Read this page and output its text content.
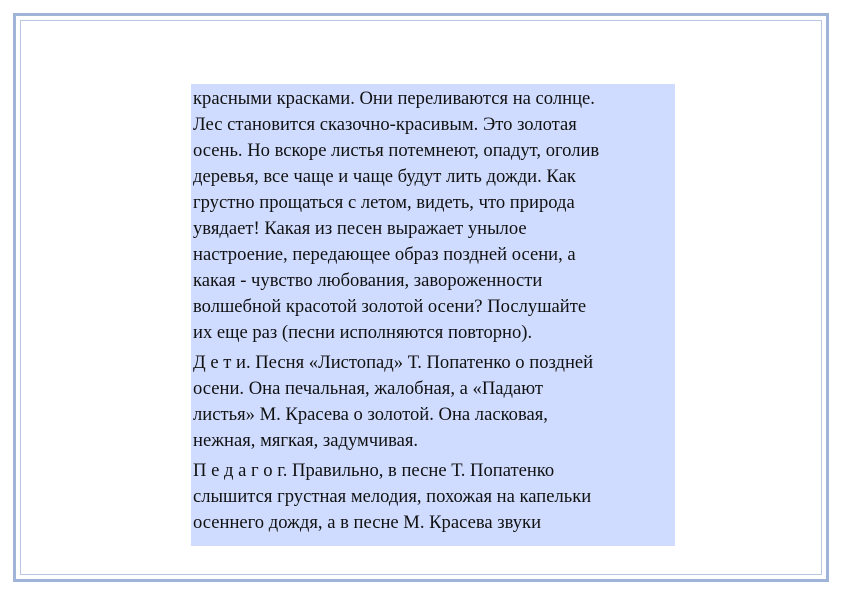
красными красками. Они переливаются на солнце.
Лес становится сказочно-красивым. Это золотая
осень. Но вскоре листья потемнеют, опадут, оголив
деревья, все чаще и чаще будут лить дожди. Как
грустно прощаться с летом, видеть, что природа
увядает! Какая из песен выражает унылое
настроение, передающее образ поздней осени, а
какая - чувство любования, завороженности
волшебной красотой золотой осени? Послушайте
их еще раз (песни исполняются повторно).

Д е т и. Песня «Листопад» Т. Попатенко о поздней
осени. Она печальная, жалобная, а «Падают
листья» М. Красева о золотой. Она ласковая,
нежная, мягкая, задумчивая.

П е д а г о г. Правильно, в песне Т. Попатенко
слышится грустная мелодия, похожая на капельки
осеннего дождя, а в песне М. Красева звуки
